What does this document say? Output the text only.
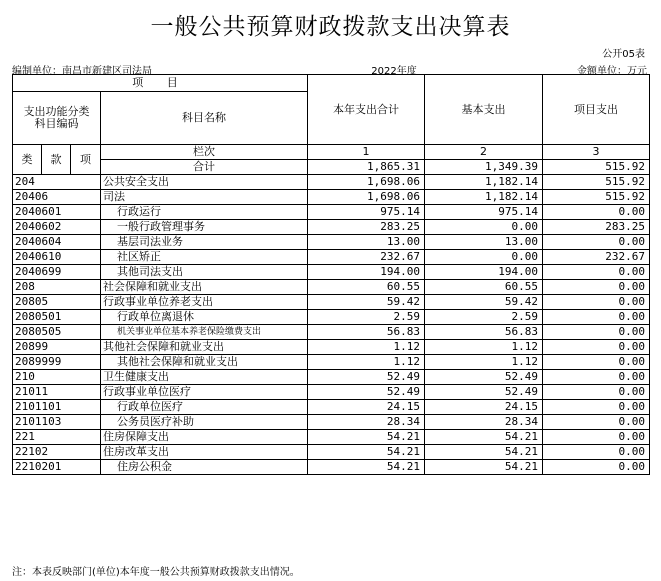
一般公共预算财政拨款支出决算表
公开05表
编制单位：南昌市新建区司法局	2022年度	金额单位：万元
项 目				本年支出合计	基本支出	项目支出
支出功能分类
科目编码			科目名称			
类	款	项	栏次	1	2	3
			合计	1,865.31	1,349.39	515.92
204			公共安全支出	1,698.06	1,182.14	515.92
20406			司法	1,698.06	1,182.14	515.92
2040601			行政运行	975.14	975.14	0.00
2040602			一般行政管理事务	283.25	0.00	283.25
2040604			基层司法业务	13.00	13.00	0.00
2040610			社区矫正	232.67	0.00	232.67
2040699			其他司法支出	194.00	194.00	0.00
208			社会保障和就业支出	60.55	60.55	0.00
20805			行政事业单位养老支出	59.42	59.42	0.00
2080501			行政单位离退休	2.59	2.59	0.00
2080505			机关事业单位基本养老保险缴费支出	56.83	56.83	0.00
20899			其他社会保障和就业支出	1.12	1.12	0.00
2089999			其他社会保障和就业支出	1.12	1.12	0.00
210			卫生健康支出	52.49	52.49	0.00
21011			行政事业单位医疗	52.49	52.49	0.00
2101101			行政单位医疗	24.15	24.15	0.00
2101103			公务员医疗补助	28.34	28.34	0.00
221			住房保障支出	54.21	54.21	0.00
22102			住房改革支出	54.21	54.21	0.00
2210201			住房公积金	54.21	54.21	0.00
注：本表反映部门(单位)本年度一般公共预算财政拨款支出情况。
